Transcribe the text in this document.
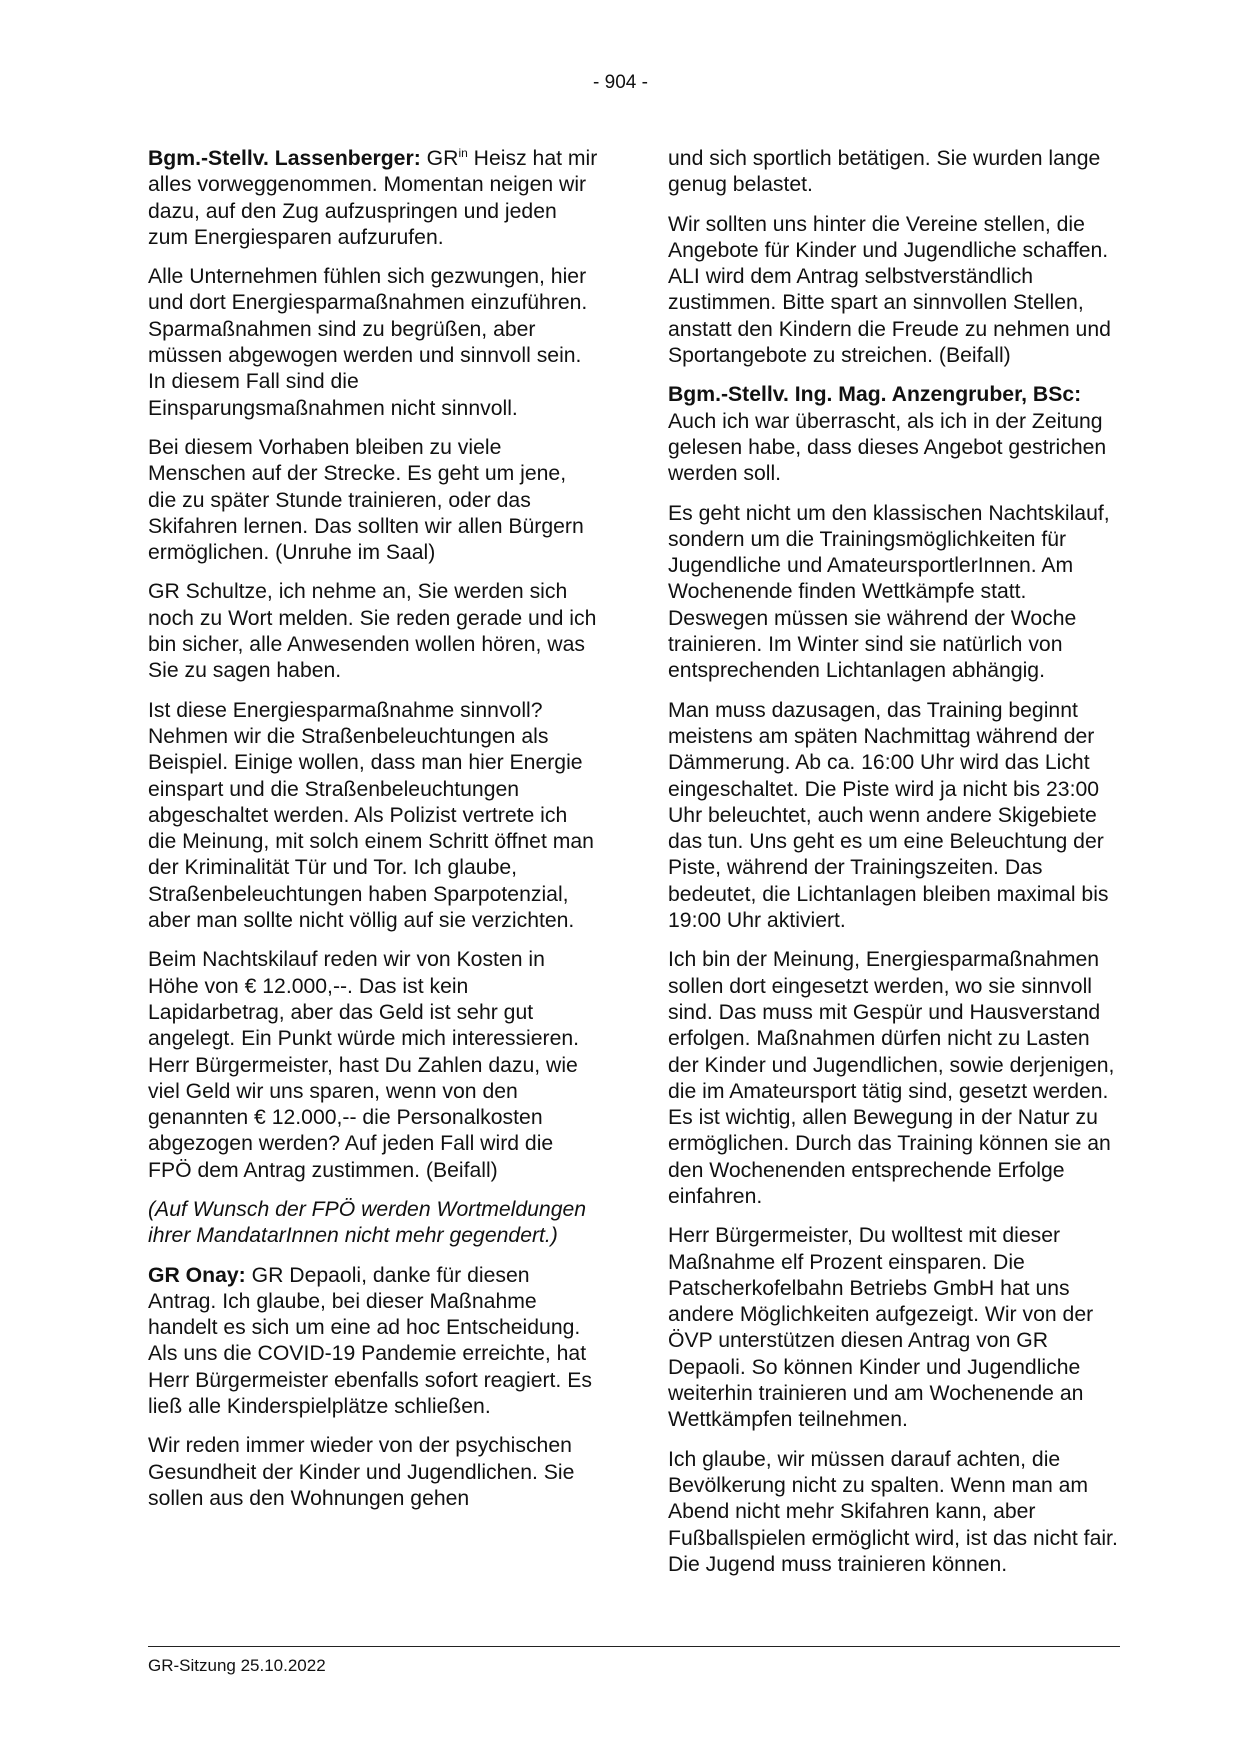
- 904 -

Bgm.-Stellv. Lassenberger: $GR^{in}$ Heisz hat mir alles vorweggenommen. Momentan neigen wir dazu, auf den Zug aufzuspringen und jeden zum Energiesparen aufzurufen.

Alle Unternehmen fühlen sich gezwungen, hier und dort Energiesparmaßnahmen einzuführen. Sparmaßnahmen sind zu begrüßen, aber müssen abgewogen werden und sinnvoll sein. In diesem Fall sind die Einsparungsmaßnahmen nicht sinnvoll.

Bei diesem Vorhaben bleiben zu viele Menschen auf der Strecke. Es geht um jene, die zu später Stunde trainieren, oder das Skifahren lernen. Das sollten wir allen Bürgern ermöglichen. (Unruhe im Saal)

GR Schultze, ich nehme an, Sie werden sich noch zu Wort melden. Sie reden gerade und ich bin sicher, alle Anwesenden wollen hören, was Sie zu sagen haben.

Ist diese Energiesparmaßnahme sinnvoll? Nehmen wir die Straßenbeleuchtungen als Beispiel. Einige wollen, dass man hier Energie einspart und die Straßenbeleuchtungen abgeschaltet werden. Als Polizist vertrete ich die Meinung, mit solch einem Schritt öffnet man der Kriminalität Tür und Tor. Ich glaube, Straßenbeleuchtungen haben Sparpotenzial, aber man sollte nicht völlig auf sie verzichten.

Beim Nachtskilauf reden wir von Kosten in Höhe von € 12.000,--. Das ist kein Lapidarbetrag, aber das Geld ist sehr gut angelegt. Ein Punkt würde mich interessieren. Herr Bürgermeister, hast Du Zahlen dazu, wie viel Geld wir uns sparen, wenn von den genannten € 12.000,-- die Personalkosten abgezogen werden? Auf jeden Fall wird die FPÖ dem Antrag zustimmen. (Beifall)

(Auf Wunsch der FPÖ werden Wortmeldungen ihrer MandatarInnen nicht mehr gegendert.)

GR Onay: GR Depaoli, danke für diesen Antrag. Ich glaube, bei dieser Maßnahme handelt es sich um eine ad hoc Entscheidung. Als uns die COVID-19 Pandemie erreichte, hat Herr Bürgermeister ebenfalls sofort reagiert. Es ließ alle Kinderspielplätze schließen.

Wir reden immer wieder von der psychischen Gesundheit der Kinder und Jugendlichen. Sie sollen aus den Wohnungen gehen

und sich sportlich betätigen. Sie wurden lange genug belastet.

Wir sollten uns hinter die Vereine stellen, die Angebote für Kinder und Jugendliche schaffen. ALI wird dem Antrag selbstverständlich zustimmen. Bitte spart an sinnvollen Stellen, anstatt den Kindern die Freude zu nehmen und Sportangebote zu streichen. (Beifall)

Bgm.-Stellv. Ing. Mag. Anzengruber, BSc: Auch ich war überrascht, als ich in der Zeitung gelesen habe, dass dieses Angebot gestrichen werden soll.

Es geht nicht um den klassischen Nachtskilauf, sondern um die Trainingsmöglichkeiten für Jugendliche und AmateursportlerInnen. Am Wochenende finden Wettkämpfe statt. Deswegen müssen sie während der Woche trainieren. Im Winter sind sie natürlich von entsprechenden Lichtanlagen abhängig.

Man muss dazusagen, das Training beginnt meistens am späten Nachmittag während der Dämmerung. Ab ca. 16:00 Uhr wird das Licht eingeschaltet. Die Piste wird ja nicht bis 23:00 Uhr beleuchtet, auch wenn andere Skigebiete das tun. Uns geht es um eine Beleuchtung der Piste, während der Trainingszeiten. Das bedeutet, die Lichtanlagen bleiben maximal bis 19:00 Uhr aktiviert.

Ich bin der Meinung, Energiesparmaßnahmen sollen dort eingesetzt werden, wo sie sinnvoll sind. Das muss mit Gespür und Hausverstand erfolgen. Maßnahmen dürfen nicht zu Lasten der Kinder und Jugendlichen, sowie derjenigen, die im Amateursport tätig sind, gesetzt werden. Es ist wichtig, allen Bewegung in der Natur zu ermöglichen. Durch das Training können sie an den Wochenenden entsprechende Erfolge einfahren.

Herr Bürgermeister, Du wolltest mit dieser Maßnahme elf Prozent einsparen. Die Patscherkofelbahn Betriebs GmbH hat uns andere Möglichkeiten aufgezeigt. Wir von der ÖVP unterstützen diesen Antrag von GR Depaoli. So können Kinder und Jugendliche weiterhin trainieren und am Wochenende an Wettkämpfen teilnehmen.

Ich glaube, wir müssen darauf achten, die Bevölkerung nicht zu spalten. Wenn man am Abend nicht mehr Skifahren kann, aber Fußballspielen ermöglicht wird, ist das nicht fair. Die Jugend muss trainieren können.

GR-Sitzung 25.10.2022
